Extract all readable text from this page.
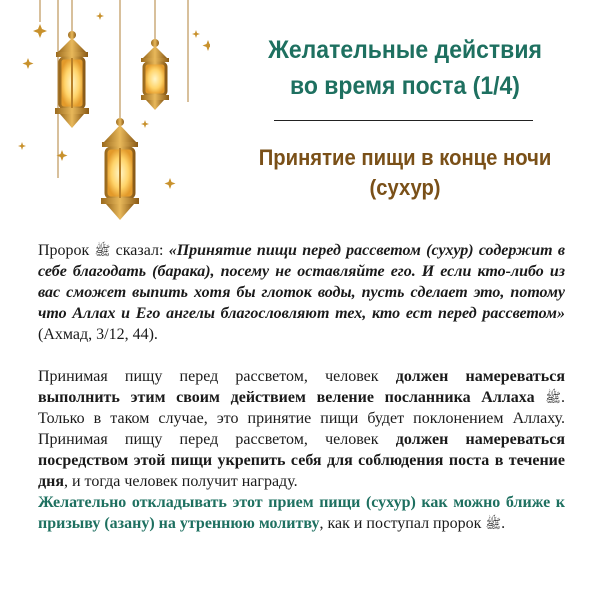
Желательные действия
во время поста (1/4)
Принятие пищи в конце ночи
(сухур)

Пророк ﷺ сказал: «Принятие пищи перед рассветом (сухур) содержит в себе благодать (барака), посему не оставляйте его. И если кто-либо из вас сможет выпить хотя бы глоток воды, пусть сделает это, потому что Аллах и Его ангелы благословляют тех, кто ест перед рассветом» (Ахмад, 3/12, 44).

Принимая пищу перед рассветом, человек должен намереваться выполнить этим своим действием веление посланника Аллаха ﷺ. Только в таком случае, это принятие пищи будет поклонением Аллаху. Принимая пищу перед рассветом, человек должен намереваться посредством этой пищи укрепить себя для соблюдения поста в течение дня, и тогда человек получит награду.

Желательно откладывать этот прием пищи (сухур) как можно ближе к призыву (азану) на утреннюю молитву, как и поступал пророк ﷺ.
